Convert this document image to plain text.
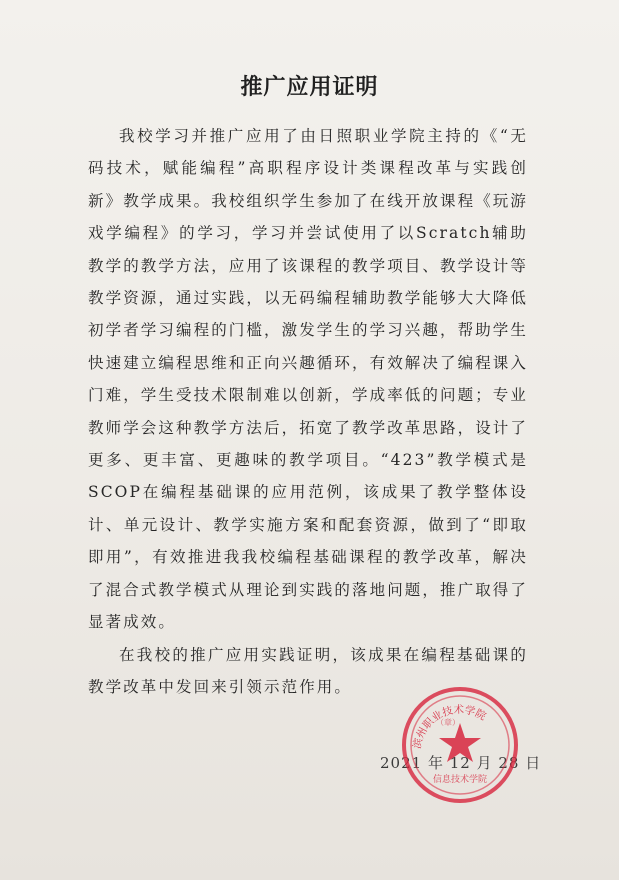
推广应用证明

我校学习并推广应用了由日照职业学院主持的《“无码技术，赋能编程”高职程序设计类课程改革与实践创新》教学成果。我校组织学生参加了在线开放课程《玩游戏学编程》的学习，学习并尝试使用了以Scratch辅助教学的教学方法，应用了该课程的教学项目、教学设计等教学资源，通过实践，以无码编程辅助教学能够大大降低初学者学习编程的门槛，激发学生的学习兴趣，帮助学生快速建立编程思维和正向兴趣循环，有效解决了编程课入门难，学生受技术限制难以创新，学成率低的问题；专业教师学会这种教学方法后，拓宽了教学改革思路，设计了更多、更丰富、更趣味的教学项目。“423”教学模式是SCOP在编程基础课的应用范例，该成果了教学整体设计、单元设计、教学实施方案和配套资源，做到了“即取即用”，有效推进我我校编程基础课程的教学改革，解决了混合式教学模式从理论到实践的落地问题，推广取得了显著成效。

在我校的推广应用实践证明，该成果在编程基础课的教学改革中发回来引领示范作用。

2021 年 12 月 28 日
滨州职业技术学院
信息技术学院
（章）
